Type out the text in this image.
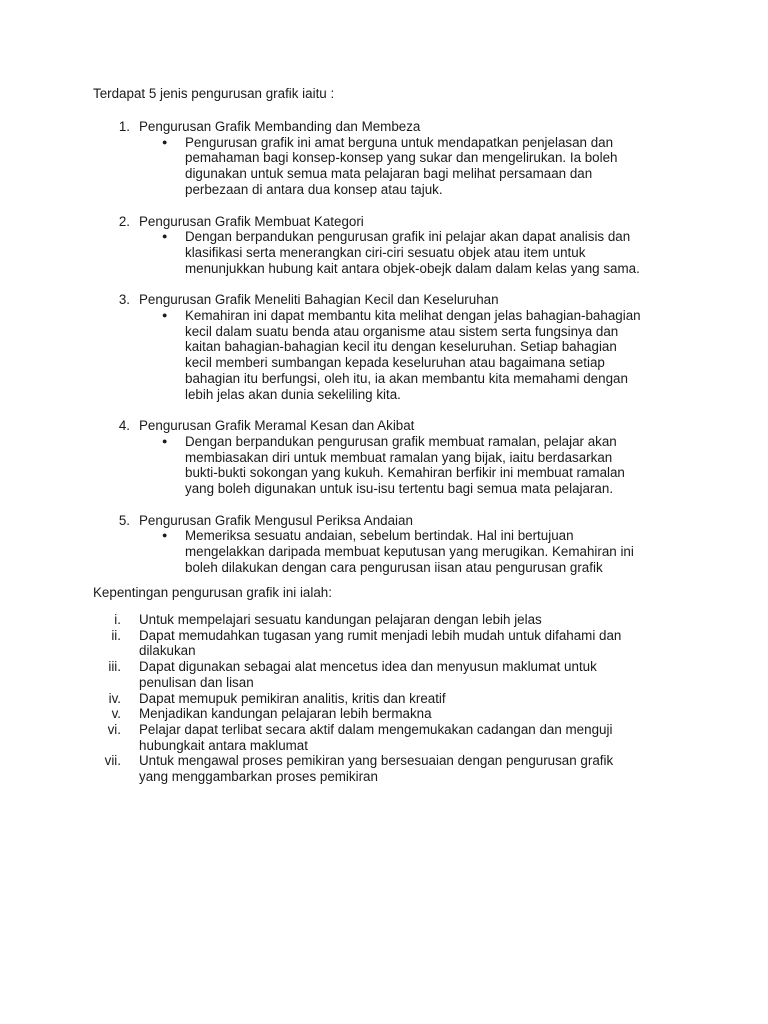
Terdapat 5 jenis pengurusan grafik iaitu :
1. Pengurusan Grafik Membanding dan Membeza
● Pengurusan grafik ini amat berguna untuk mendapatkan penjelasan dan
pemahaman bagi konsep-konsep yang sukar dan mengelirukan. Ia boleh
digunakan untuk semua mata pelajaran bagi melihat persamaan dan
perbezaan di antara dua konsep atau tajuk.
2. Pengurusan Grafik Membuat Kategori
● Dengan berpandukan pengurusan grafik ini pelajar akan dapat analisis dan
klasifikasi serta menerangkan ciri-ciri sesuatu objek atau item untuk
menunjukkan hubung kait antara objek-obejk dalam dalam kelas yang sama.
3. Pengurusan Grafik Meneliti Bahagian Kecil dan Keseluruhan
● Kemahiran ini dapat membantu kita melihat dengan jelas bahagian-bahagian
kecil dalam suatu benda atau organisme atau sistem serta fungsinya dan
kaitan bahagian-bahagian kecil itu dengan keseluruhan. Setiap bahagian
kecil memberi sumbangan kepada keseluruhan atau bagaimana setiap
bahagian itu berfungsi, oleh itu, ia akan membantu kita memahami dengan
lebih jelas akan dunia sekeliling kita.
4. Pengurusan Grafik Meramal Kesan dan Akibat
● Dengan berpandukan pengurusan grafik membuat ramalan, pelajar akan
membiasakan diri untuk membuat ramalan yang bijak, iaitu berdasarkan
bukti-bukti sokongan yang kukuh. Kemahiran berfikir ini membuat ramalan
yang boleh digunakan untuk isu-isu tertentu bagi semua mata pelajaran.
5. Pengurusan Grafik Mengusul Periksa Andaian
● Memeriksa sesuatu andaian, sebelum bertindak. Hal ini bertujuan
mengelakkan daripada membuat keputusan yang merugikan. Kemahiran ini
boleh dilakukan dengan cara pengurusan iisan atau pengurusan grafik
Kepentingan pengurusan grafik ini ialah:
i. Untuk mempelajari sesuatu kandungan pelajaran dengan lebih jelas
ii. Dapat memudahkan tugasan yang rumit menjadi lebih mudah untuk difahami dan
dilakukan
iii. Dapat digunakan sebagai alat mencetus idea dan menyusun maklumat untuk
penulisan dan lisan
iv. Dapat memupuk pemikiran analitis, kritis dan kreatif
v. Menjadikan kandungan pelajaran lebih bermakna
vi. Pelajar dapat terlibat secara aktif dalam mengemukakan cadangan dan menguji
hubungkait antara maklumat
vii. Untuk mengawal proses pemikiran yang bersesuaian dengan pengurusan grafik
yang menggambarkan proses pemikiran
